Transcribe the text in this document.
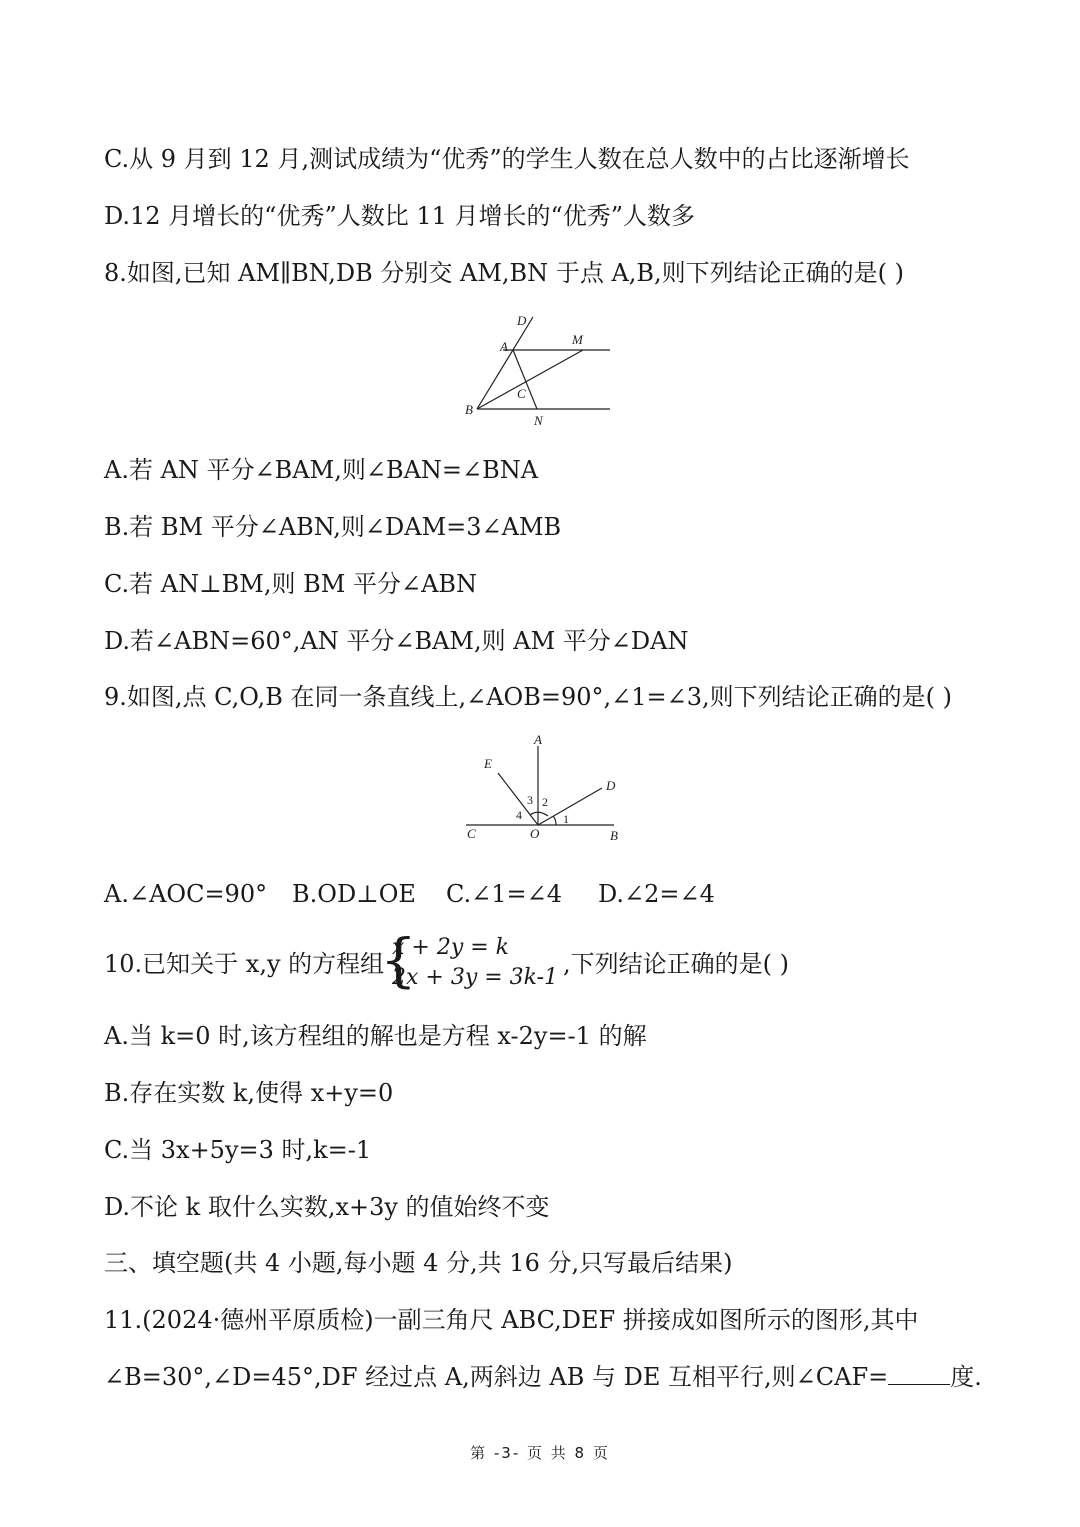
C.从 9 月到 12 月,测试成绩为“优秀”的学生人数在总人数中的占比逐渐增长
D.12 月增长的“优秀”人数比 11 月增长的“优秀”人数多
8.如图,已知 AM∥BN,DB 分别交 AM,BN 于点 A,B,则下列结论正确的是( )
D
A	M
B
C
N
A.若 AN 平分∠BAM,则∠BAN=∠BNA
B.若 BM 平分∠ABN,则∠DAM=3∠AMB
C.若 AN⊥BM,则 BM 平分∠ABN
D.若∠ABN=60°,AN 平分∠BAM,则 AM 平分∠DAN
9.如图,点 C,O,B 在同一条直线上,∠AOB=90°,∠1=∠3,则下列结论正确的是( )
A
E
D
C	O	B
3 2
4	1
A.∠AOC=90° B.OD⊥OE C.∠1=∠4 D.∠2=∠4
10.已知关于 x,y 的方程组
{
x + 2y = k
2x + 3y = 3k-1 ,下列结论正确的是( )
A.当 k=0 时,该方程组的解也是方程 x-2y=-1 的解
B.存在实数 k,使得 x+y=0
C.当 3x+5y=3 时,k=-1
D.不论 k 取什么实数,x+3y 的值始终不变
三、填空题(共 4 小题,每小题 4 分,共 16 分,只写最后结果)
11.(2024·德州平原质检)一副三角尺 ABC,DEF 拼接成如图所示的图形,其中
∠B=30°,∠D=45°,DF 经过点 A,两斜边 AB 与 DE 互相平行,则∠CAF=	度.
第 -3- 页 共 8 页
